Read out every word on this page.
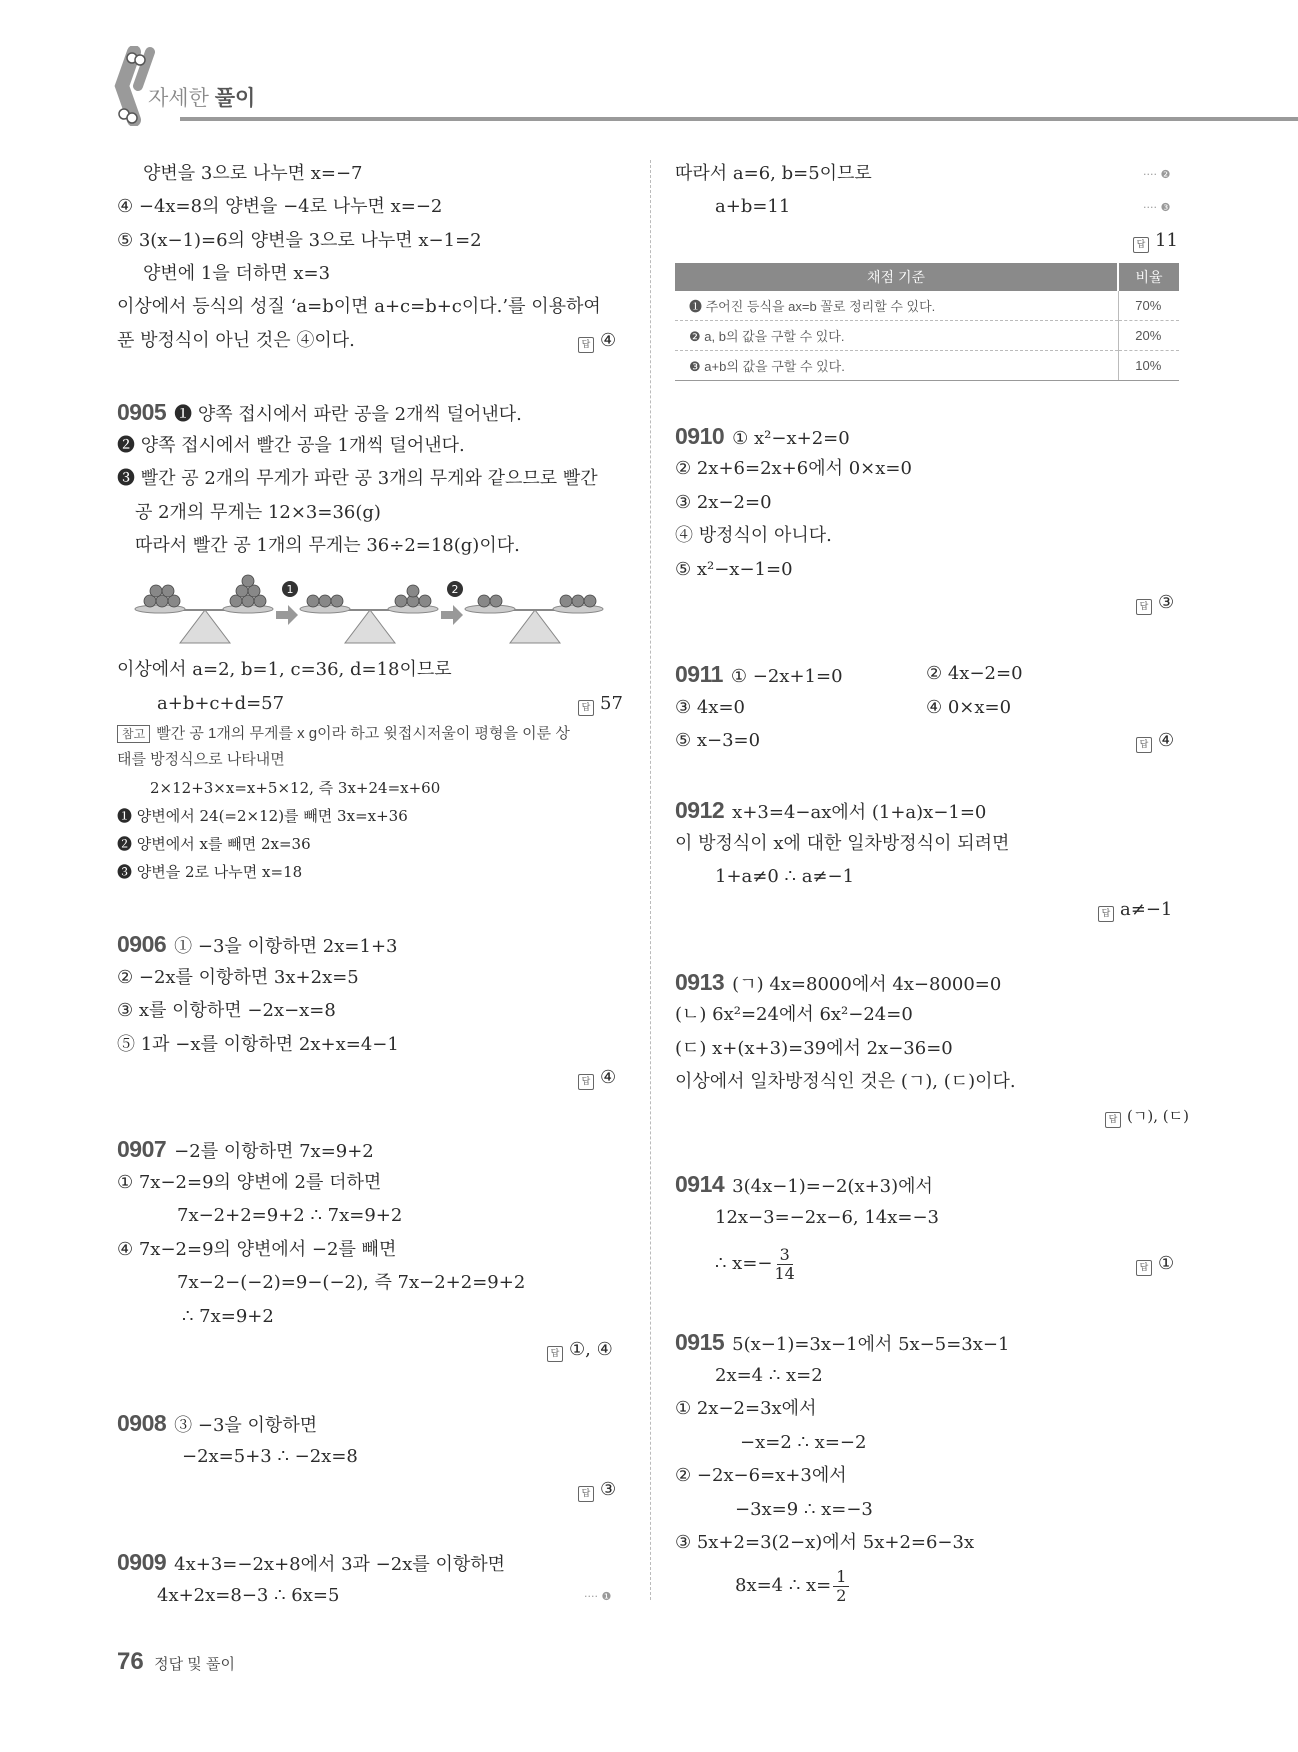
자세한 풀이
양변을 3으로 나누면 x=−7
④ −4x=8의 양변을 −4로 나누면 x=−2
⑤ 3(x−1)=6의 양변을 3으로 나누면 x−1=2
양변에 1을 더하면 x=3
이상에서 등식의 성질 ‘a=b이면 a+c=b+c이다.’를 이용하여
푼 방정식이 아닌 것은 ④이다.	답 ④
0905 ❶ 양쪽 접시에서 파란 공을 2개씩 덜어낸다.
❷ 양쪽 접시에서 빨간 공을 1개씩 덜어낸다.
❸ 빨간 공 2개의 무게가 파란 공 3개의 무게와 같으므로 빨간
공 2개의 무게는 12×3=36(g)
따라서 빨간 공 1개의 무게는 36÷2=18(g)이다.
1	2
이상에서 a=2, b=1, c=36, d=18이므로
a+b+c+d=57	답 57
참고 빨간 공 1개의 무게를 x g이라 하고 윗접시저울이 평형을 이룬 상
태를 방정식으로 나타내면
2×12+3×x=x+5×12, 즉 3x+24=x+60
❶ 양변에서 24(=2×12)를 빼면 3x=x+36
❷ 양변에서 x를 빼면 2x=36
❸ 양변을 2로 나누면 x=18
0906 ① −3을 이항하면 2x=1+3
② −2x를 이항하면 3x+2x=5
③ x를 이항하면 −2x−x=8
⑤ 1과 −x를 이항하면 2x+x=4−1
답 ④
0907 −2를 이항하면 7x=9+2
① 7x−2=9의 양변에 2를 더하면
7x−2+2=9+2 ∴ 7x=9+2
④ 7x−2=9의 양변에서 −2를 빼면
7x−2−(−2)=9−(−2), 즉 7x−2+2=9+2
∴ 7x=9+2
답 ①, ④
0908 ③ −3을 이항하면
−2x=5+3 ∴ −2x=8
답 ③
0909 4x+3=−2x+8에서 3과 −2x를 이항하면
4x+2x=8−3 ∴ 6x=5	···· ❶
따라서 a=6, b=5이므로	···· ❷
a+b=11	···· ❸
답 11
채점 기준	비율
❶ 주어진 등식을 ax=b 꼴로 정리할 수 있다.	70%
❷ a, b의 값을 구할 수 있다.	20%
❸ a+b의 값을 구할 수 있다.	10%
0910 ① x²−x+2=0
② 2x+6=2x+6에서 0×x=0
③ 2x−2=0
④ 방정식이 아니다.
⑤ x²−x−1=0
답 ③
0911 ① −2x+1=0	② 4x−2=0
③ 4x=0	④ 0×x=0
⑤ x−3=0	답 ④
0912 x+3=4−ax에서 (1+a)x−1=0
이 방정식이 x에 대한 일차방정식이 되려면
1+a≠0 ∴ a≠−1
답 a≠−1
0913 (ㄱ) 4x=8000에서 4x−8000=0
(ㄴ) 6x²=24에서 6x²−24=0
(ㄷ) x+(x+3)=39에서 2x−36=0
이상에서 일차방정식인 것은 (ㄱ), (ㄷ)이다.
답 (ㄱ), (ㄷ)
0914 3(4x−1)=−2(x+3)에서
12x−3=−2x−6, 14x=−3
∴ $x=- \frac{3}{14}$	답 ①
0915 5(x−1)=3x−1에서 5x−5=3x−1
2x=4 ∴ x=2
① 2x−2=3x에서
−x=2 ∴ x=−2
② −2x−6=x+3에서
−3x=9 ∴ x=−3
③ 5x+2=3(2−x)에서 5x+2=6−3x
8x=4 ∴ $x= \frac{1}{2}$
76 정답 및 풀이
